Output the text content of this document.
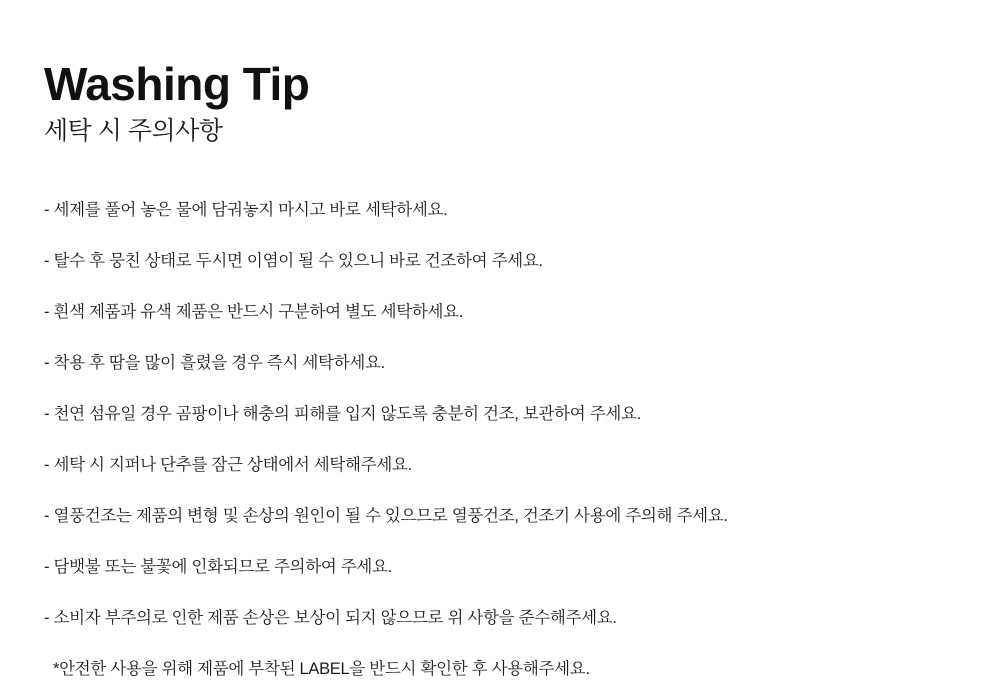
Washing Tip
세탁 시 주의사항

- 세제를 풀어 놓은 물에 담궈놓지 마시고 바로 세탁하세요.

- 탈수 후 뭉친 상태로 두시면 이염이 될 수 있으니 바로 건조하여 주세요.

- 흰색 제품과 유색 제품은 반드시 구분하여 별도 세탁하세요.

- 착용 후 땀을 많이 흘렸을 경우 즉시 세탁하세요.

- 천연 섬유일 경우 곰팡이나 해충의 피해를 입지 않도록 충분히 건조, 보관하여 주세요.

- 세탁 시 지퍼나 단추를 잠근 상태에서 세탁해주세요.

- 열풍건조는 제품의 변형 및 손상의 원인이 될 수 있으므로 열풍건조, 건조기 사용에 주의해 주세요.

- 담뱃불 또는 불꽃에 인화되므로 주의하여 주세요.

- 소비자 부주의로 인한 제품 손상은 보상이 되지 않으므로 위 사항을 준수해주세요.

*안전한 사용을 위해 제품에 부착된 LABEL을 반드시 확인한 후 사용해주세요.
